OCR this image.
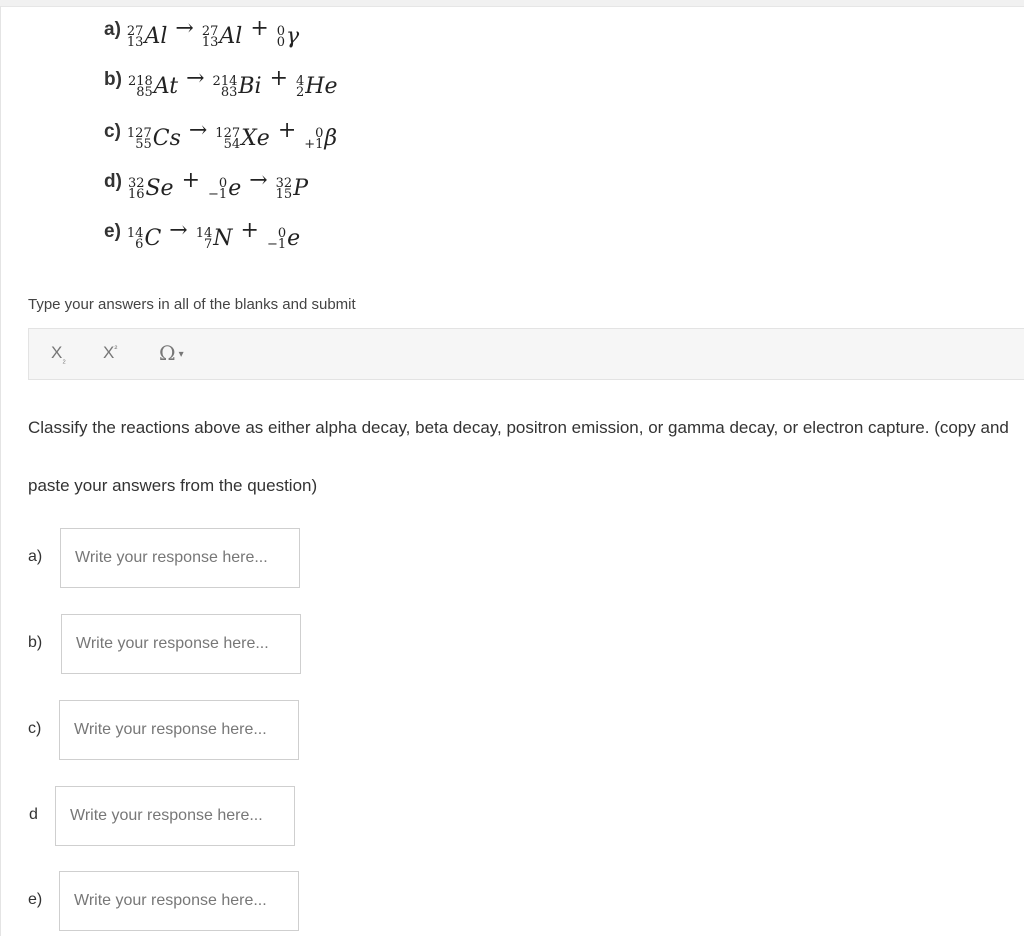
a) 27
13 Al → 27
13 Al + 0
0 γ
b) 218
85 At → 214
83 Bi + 4
2 He
c) 127
55 Cs → 127
54 Xe + 0
+1 β
d) 32
16 Se + 0
−1 e → 32
15 P
e) 14
6 C → 14
7 N + 0
−1 e
Type your answers in all of the blanks and submit
$X_{_2}$ $X^{^2}$ Ω ▾
Classify the reactions above as either alpha decay, beta decay, positron emission, or gamma decay, or electron capture. (copy and
paste your answers from the question)
a)
Write your response here...
b)
Write your response here...
c)
Write your response here...
d
Write your response here...
e)
Write your response here...
